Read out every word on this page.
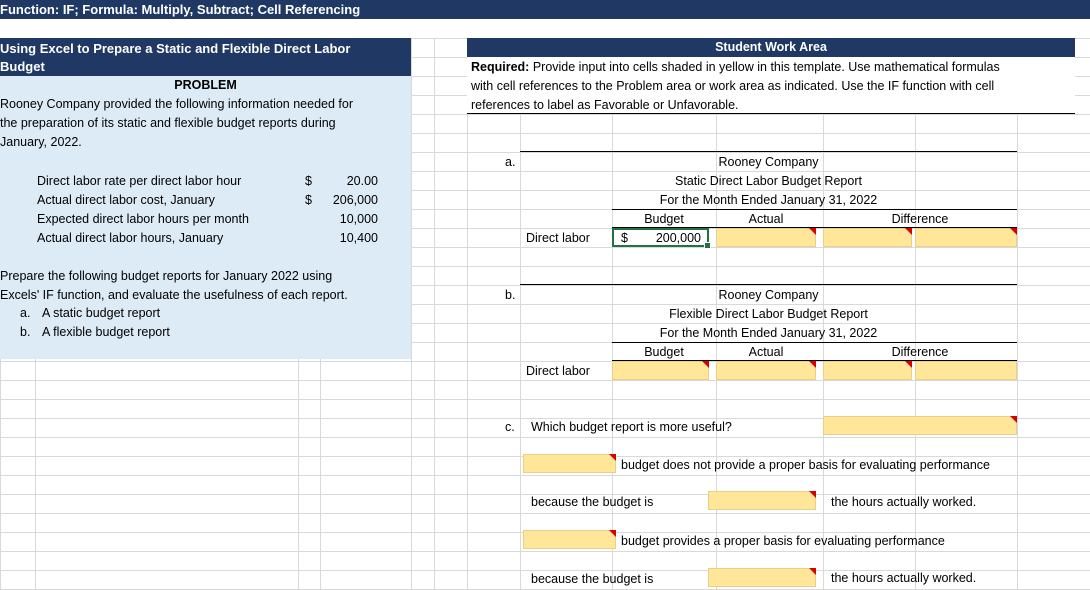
Function: IF; Formula: Multiply, Subtract; Cell Referencing
Using Excel to Prepare a Static and Flexible Direct Labor
Budget
PROBLEM
Rooney Company provided the following information needed for
the preparation of its static and flexible budget reports during
January, 2022.
Direct labor rate per direct labor hour	$	20.00
Actual direct labor cost, January	$	206,000
Expected direct labor hours per month	10,000
Actual direct labor hours, January	10,400
Prepare the following budget reports for January 2022 using
Excels' IF function, and evaluate the usefulness of each report.
a. A static budget report
b. A flexible budget report
Student Work Area
Required: Provide input into cells shaded in yellow in this template. Use mathematical formulas
with cell references to the Problem area or work area as indicated. Use the IF function with cell
references to label as Favorable or Unfavorable.
a.	Rooney Company
Static Direct Labor Budget Report
For the Month Ended January 31, 2022
Budget	Actual	Difference
Direct labor $ 200,000
b.	Rooney Company
Flexible Direct Labor Budget Report
For the Month Ended January 31, 2022
Budget	Actual	Difference
Direct labor
c. Which budget report is more useful?
budget does not provide a proper basis for evaluating performance
because the budget is	the hours actually worked.
budget provides a proper basis for evaluating performance
because the budget is	the hours actually worked.
